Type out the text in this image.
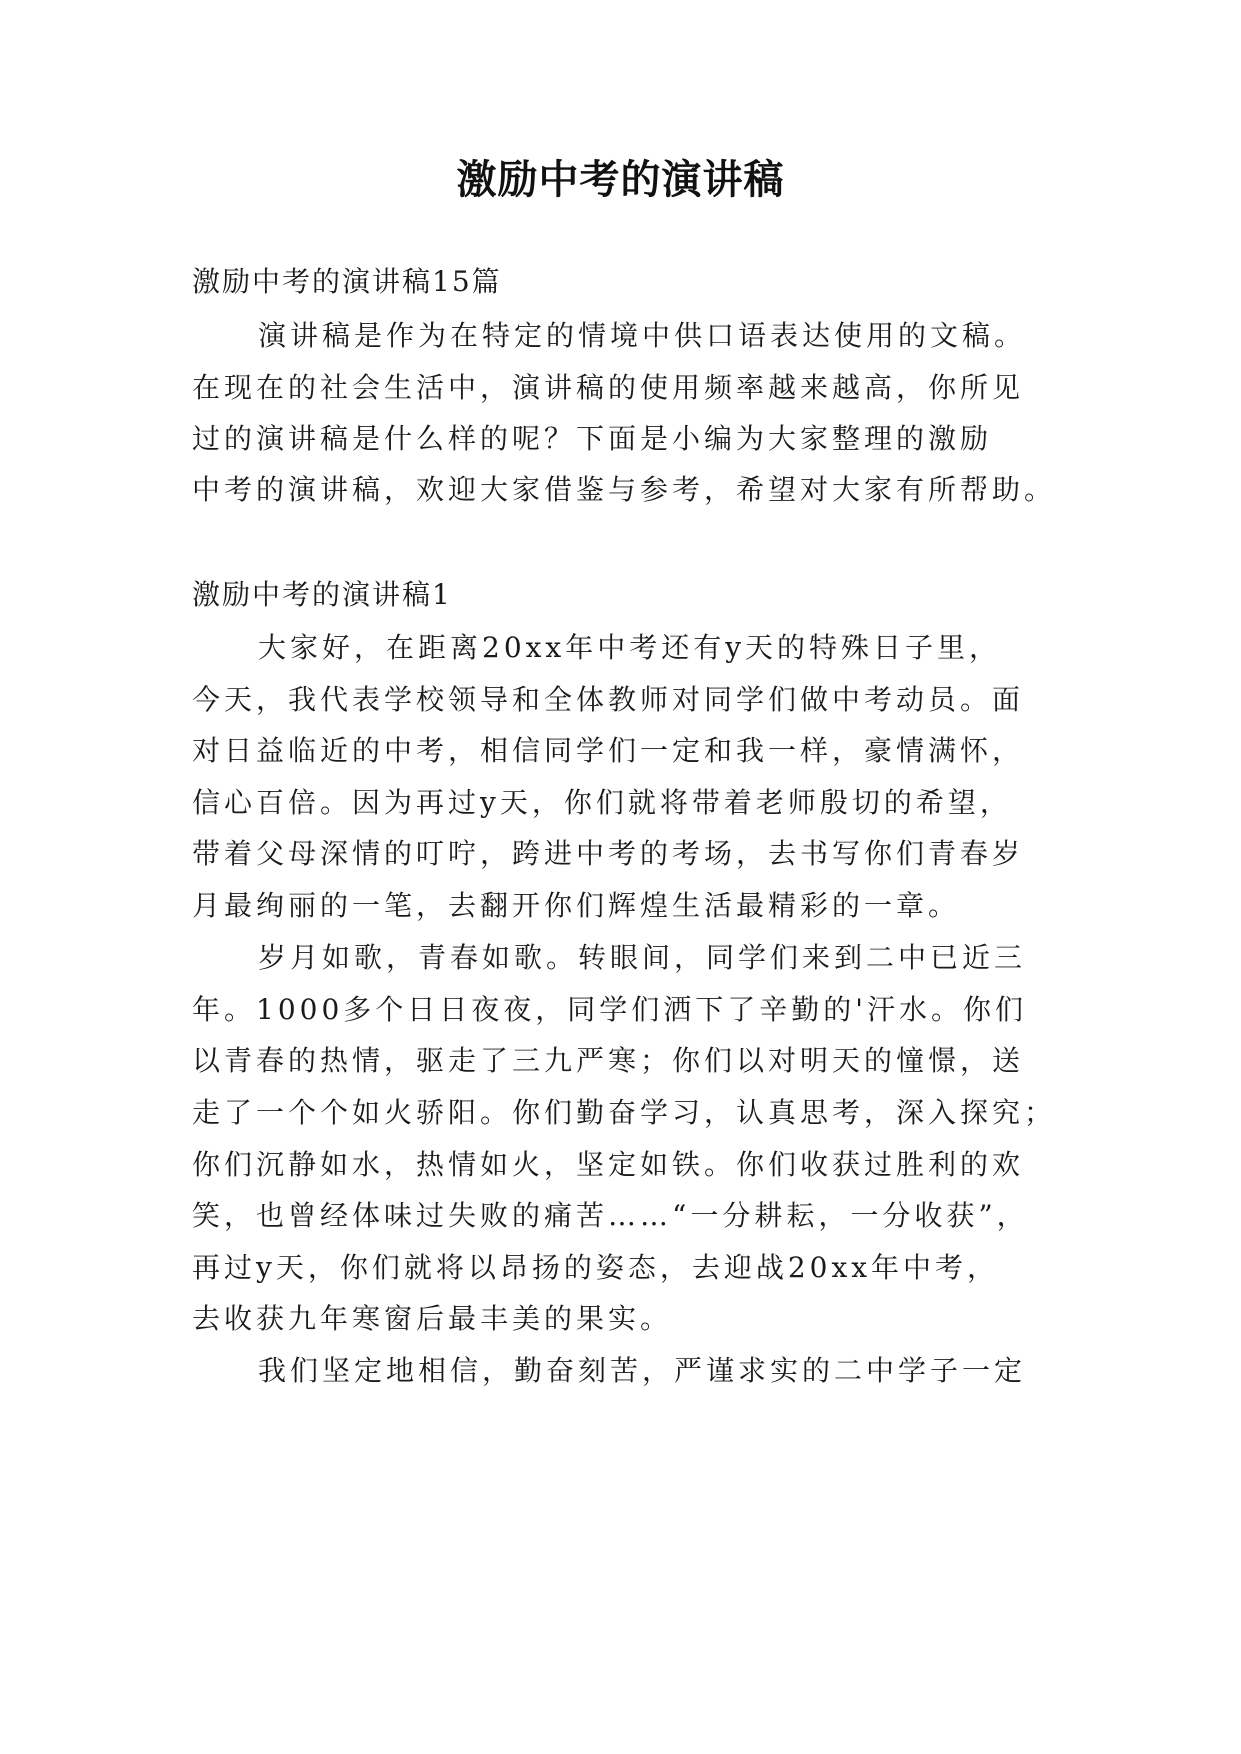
激励中考的演讲稿
激励中考的演讲稿15篇
演讲稿是作为在特定的情境中供口语表达使用的文稿。
在现在的社会生活中，演讲稿的使用频率越来越高，你所见
过的演讲稿是什么样的呢？下面是小编为大家整理的激励
中考的演讲稿，欢迎大家借鉴与参考，希望对大家有所帮助。
激励中考的演讲稿1
大家好，在距离20xx年中考还有y天的特殊日子里，
今天，我代表学校领导和全体教师对同学们做中考动员。面
对日益临近的中考，相信同学们一定和我一样，豪情满怀，
信心百倍。因为再过y天，你们就将带着老师殷切的希望，
带着父母深情的叮咛，跨进中考的考场，去书写你们青春岁
月最绚丽的一笔，去翻开你们辉煌生活最精彩的一章。
岁月如歌，青春如歌。转眼间，同学们来到二中已近三
年。1000多个日日夜夜，同学们洒下了辛勤的'汗水。你们
以青春的热情，驱走了三九严寒；你们以对明天的憧憬，送
走了一个个如火骄阳。你们勤奋学习，认真思考，深入探究；
你们沉静如水，热情如火，坚定如铁。你们收获过胜利的欢
笑，也曾经体味过失败的痛苦……“一分耕耘，一分收获”，
再过y天，你们就将以昂扬的姿态，去迎战20xx年中考，
去收获九年寒窗后最丰美的果实。
我们坚定地相信，勤奋刻苦，严谨求实的二中学子一定
